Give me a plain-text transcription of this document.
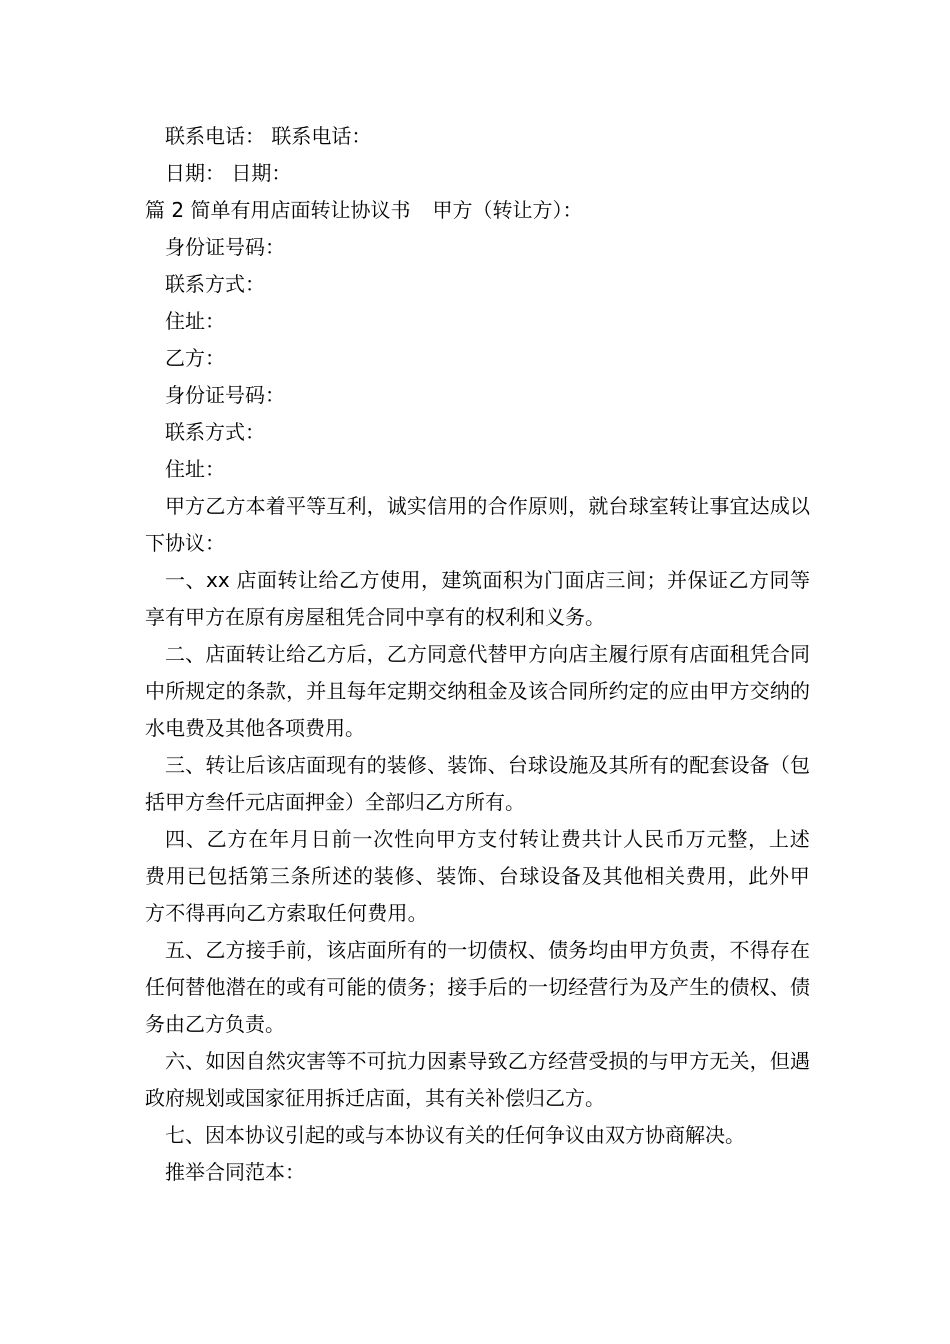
联系电话： 联系电话：
日期： 日期：
篇 2 简单有用店面转让协议书 甲方（转让方）：
身份证号码：
联系方式：
住址：
乙方：
身份证号码：
联系方式：
住址：
甲方乙方本着平等互利，诚实信用的合作原则，就台球室转让事宜达成以下协议：
一、xx 店面转让给乙方使用，建筑面积为门面店三间；并保证乙方同等享有甲方在原有房屋租凭合同中享有的权利和义务。
二、店面转让给乙方后，乙方同意代替甲方向店主履行原有店面租凭合同中所规定的条款，并且每年定期交纳租金及该合同所约定的应由甲方交纳的水电费及其他各项费用。
三、转让后该店面现有的装修、装饰、台球设施及其所有的配套设备（包括甲方叁仟元店面押金）全部归乙方所有。
四、乙方在年月日前一次性向甲方支付转让费共计人民币万元整，上述费用已包括第三条所述的装修、装饰、台球设备及其他相关费用，此外甲方不得再向乙方索取任何费用。
五、乙方接手前，该店面所有的一切债权、债务均由甲方负责，不得存在任何替他潜在的或有可能的债务；接手后的一切经营行为及产生的债权、债务由乙方负责。
六、如因自然灾害等不可抗力因素导致乙方经营受损的与甲方无关，但遇政府规划或国家征用拆迁店面，其有关补偿归乙方。
七、因本协议引起的或与本协议有关的任何争议由双方协商解决。
推举合同范本：
